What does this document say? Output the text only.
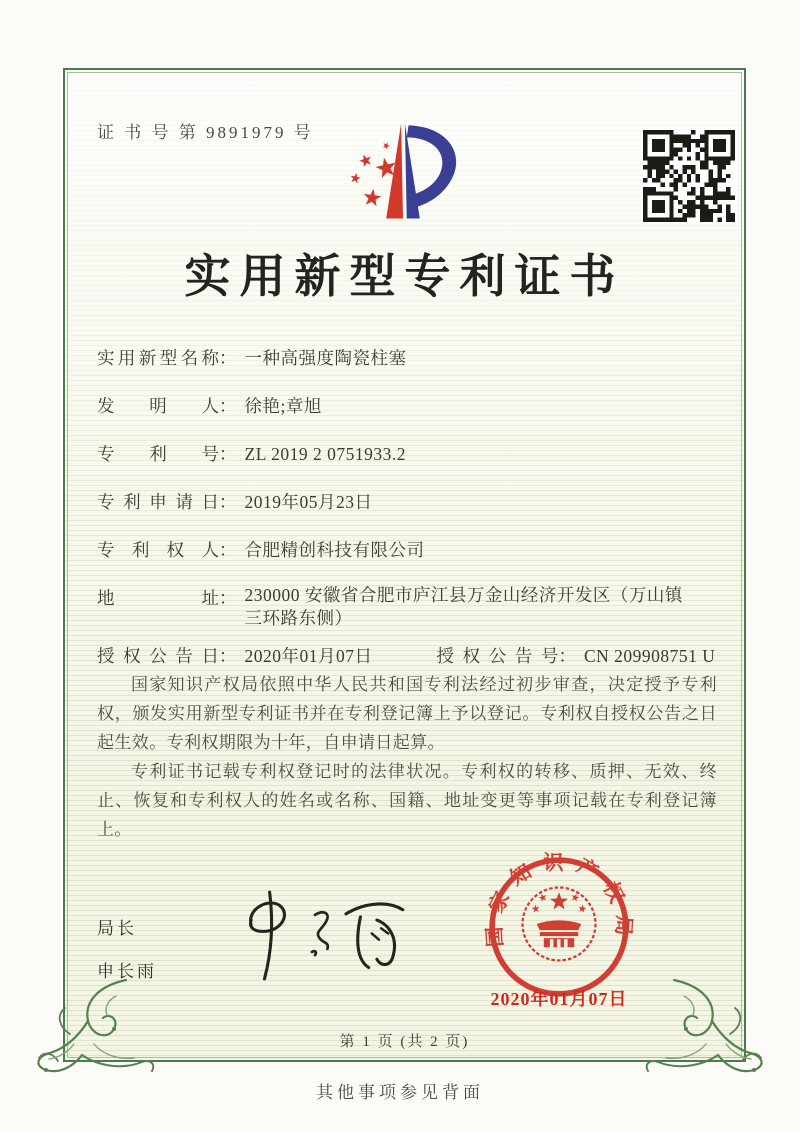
证 书 号 第 9891979 号
实用新型专利证书
实用新型名称 ： 一种高强度陶瓷柱塞
发明人 ： 徐艳;章旭
专利号 ： ZL 2019 2 0751933.2
专利申请日 ： 2019年05月23日
专利权人 ： 合肥精创科技有限公司
地址 ： 230000 安徽省合肥市庐江县万金山经济开发区（万山镇
三环路东侧）
授权公告日 ： 2020年01月07日	授权公告号 ： CN 209908751 U

国家知识产权局依照中华人民共和国专利法经过初步审查，决定授予专利权，颁发实用新型专利证书并在专利登记簿上予以登记。专利权自授权公告之日起生效。专利权期限为十年，自申请日起算。

专利证书记载专利权登记时的法律状况。专利权的转移、质押、无效、终止、恢复和专利权人的姓名或名称、国籍、地址变更等事项记载在专利登记簿上。

局长
申长雨
国家知识产权局
2020年01月07日
第 1 页 (共 2 页)
其他事项参见背面
